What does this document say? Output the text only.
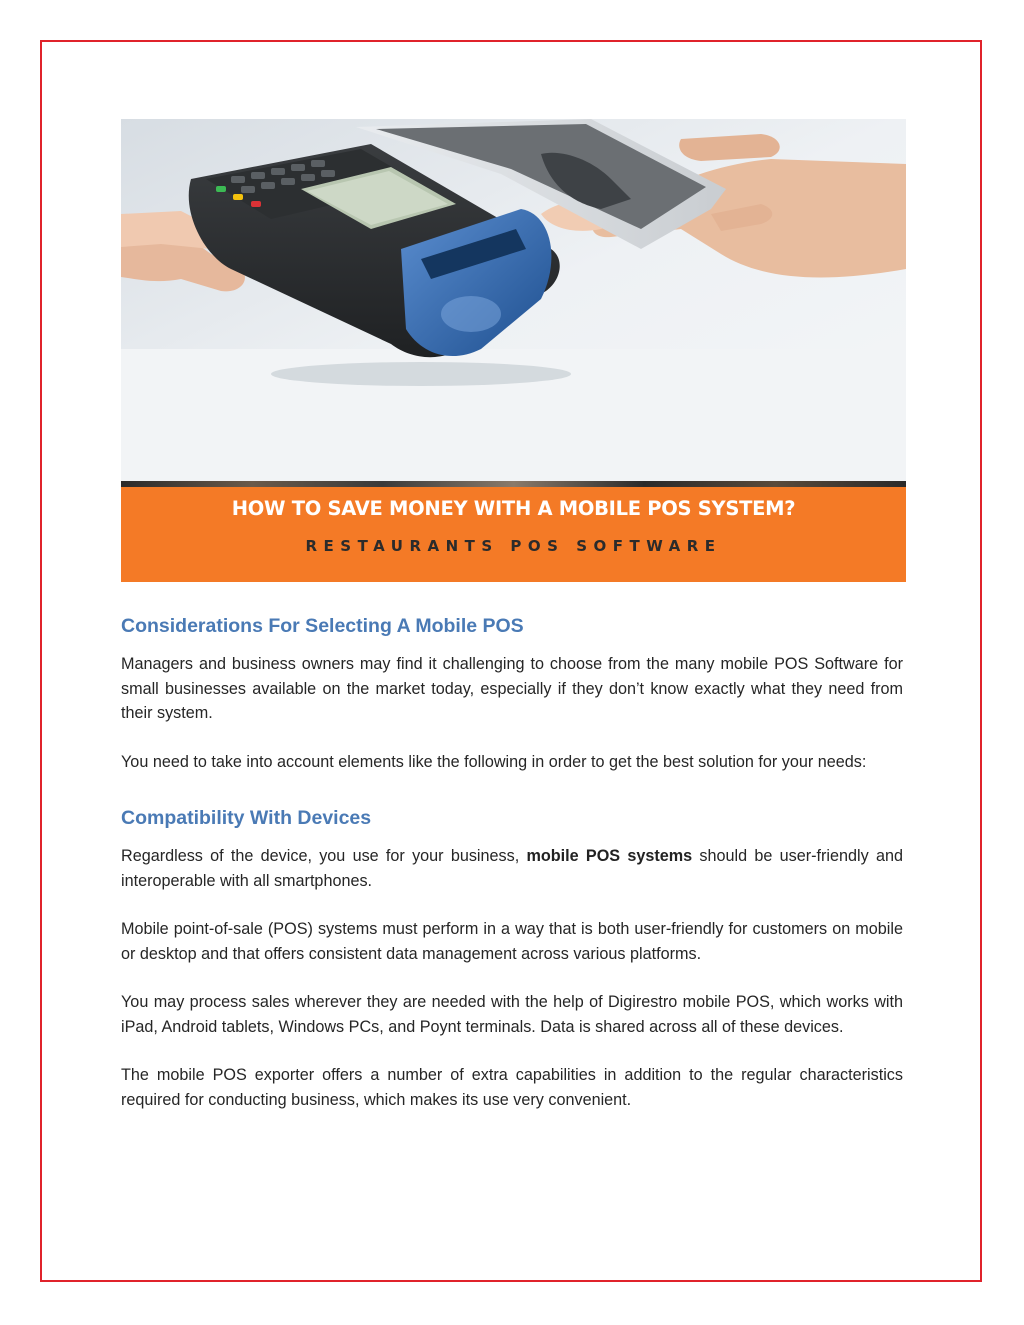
HOW TO SAVE MONEY WITH A MOBILE POS SYSTEM?
RESTAURANTS POS SOFTWARE
Considerations For Selecting A Mobile POS

Managers and business owners may find it challenging to choose from the many mobile POS Software for small businesses available on the market today, especially if they don’t know exactly what they need from their system.

You need to take into account elements like the following in order to get the best solution for your needs:

Compatibility With Devices

Regardless of the device, you use for your business, mobile POS systems should be user-friendly and interoperable with all smartphones.

Mobile point-of-sale (POS) systems must perform in a way that is both user-friendly for customers on mobile or desktop and that offers consistent data management across various platforms.

You may process sales wherever they are needed with the help of Digirestro mobile POS, which works with iPad, Android tablets, Windows PCs, and Poynt terminals. Data is shared across all of these devices.

The mobile POS exporter offers a number of extra capabilities in addition to the regular characteristics required for conducting business, which makes its use very convenient.
